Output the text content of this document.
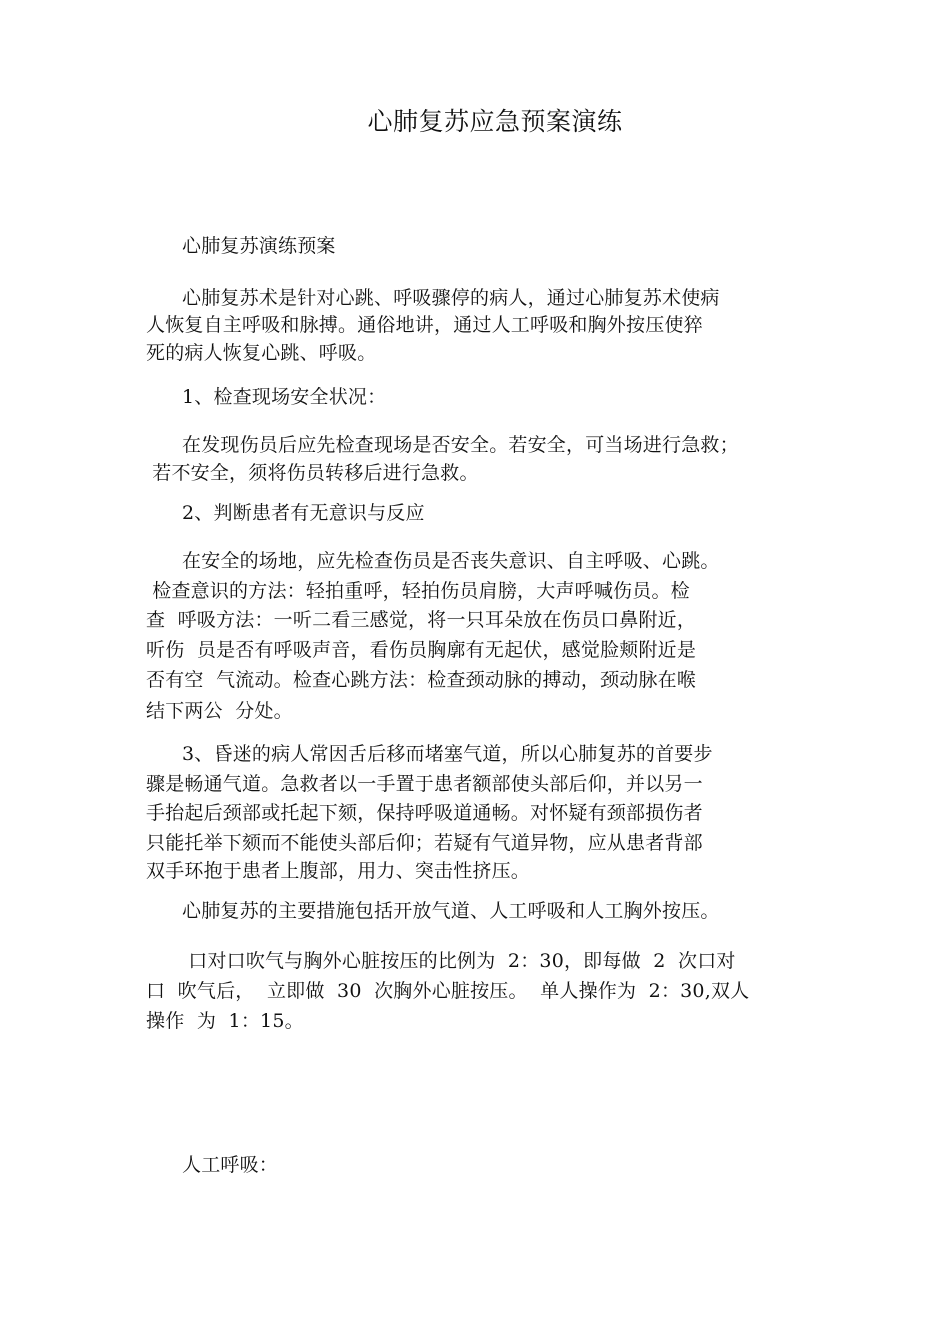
心肺复苏应急预案演练
心肺复苏演练预案
心肺复苏术是针对心跳、呼吸骤停的病人，通过心肺复苏术使病
人恢复自主呼吸和脉搏。通俗地讲，通过人工呼吸和胸外按压使猝
死的病人恢复心跳、呼吸。
1、检查现场安全状况：
在发现伤员后应先检查现场是否安全。若安全，可当场进行急救；
若不安全，须将伤员转移后进行急救。
2、判断患者有无意识与反应
在安全的场地，应先检查伤员是否丧失意识、自主呼吸、心跳。
检查意识的方法：轻拍重呼，轻拍伤员肩膀，大声呼喊伤员。检
查  呼吸方法：一听二看三感觉，将一只耳朵放在伤员口鼻附近，
听伤  员是否有呼吸声音，看伤员胸廓有无起伏，感觉脸颊附近是
否有空  气流动。检查心跳方法：检查颈动脉的搏动，颈动脉在喉
结下两公  分处。
3、昏迷的病人常因舌后移而堵塞气道，所以心肺复苏的首要步
骤是畅通气道。急救者以一手置于患者额部使头部后仰，并以另一
手抬起后颈部或托起下颏，保持呼吸道通畅。对怀疑有颈部损伤者
只能托举下颏而不能使头部后仰；若疑有气道异物，应从患者背部
双手环抱于患者上腹部，用力、突击性挤压。
心肺复苏的主要措施包括开放气道、人工呼吸和人工胸外按压。
口对口吹气与胸外心脏按压的比例为  2：30，即每做  2  次口对
口  吹气后，  立即做  30  次胸外心脏按压。  单人操作为  2：30,双人
操作  为  1：15。
人工呼吸：
